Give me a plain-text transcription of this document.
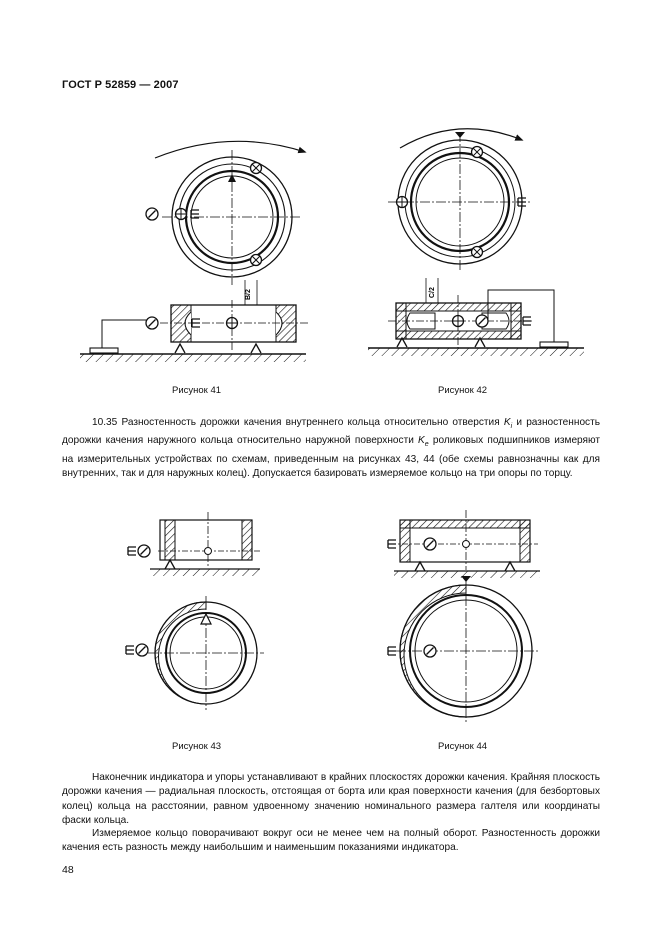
ГОСТ Р 52859 — 2007
В/2
Рисунок 41
С/2
Рисунок 42

10.35 Разностенность дорожки качения внутреннего кольца относительно отверстия $K_i$ и разностенность дорожки качения наружного кольца относительно наружной поверхности $K_e$ роликовых подшипников измеряют на измерительных устройствах по схемам, приведенным на рисунках 43, 44 (обе схемы равнозначны как для внутренних, так и для наружных колец). Допускается базировать измеряемое кольцо на три опоры по торцу.

Рисунок 43	Рисунок 44

Наконечник индикатора и упоры устанавливают в крайних плоскостях дорожки качения. Крайняя плоскость дорожки качения — радиальная плоскость, отстоящая от борта или края поверхности качения (для безбортовых колец) кольца на расстоянии, равном удвоенному значению номинального размера галтеля или координаты фаски кольца.

Измеряемое кольцо поворачивают вокруг оси не менее чем на полный оборот. Разностенность дорожки качения есть разность между наибольшим и наименьшим показаниями индикатора.

48
